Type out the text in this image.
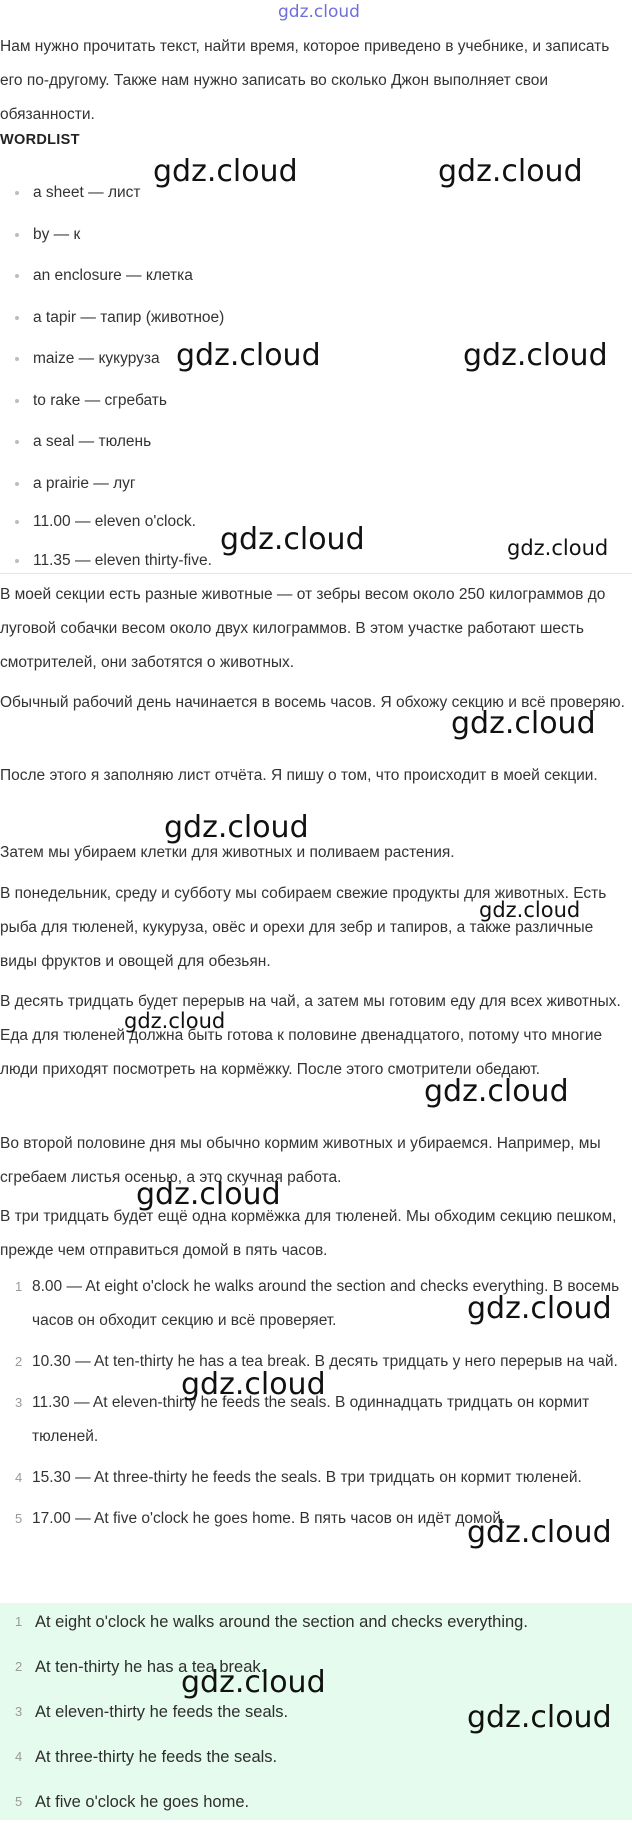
gdz.cloud
Нам нужно прочитать текст, найти время, которое приведено в учебнике, и записать его по-другому. Также нам нужно записать во сколько Джон выполняет свои обязанности.
WORDLIST
a sheet — лист
by — к
an enclosure — клетка
a tapir — тапир (животное)
maize — кукуруза
to rake — сгребать
a seal — тюлень
a prairie — луг
11.00 — eleven o'clock.
11.35 — eleven thirty-five.
В моей секции есть разные животные — от зебры весом около 250 килограммов до луговой собачки весом около двух килограммов. В этом участке работают шесть смотрителей, они заботятся о животных.
Обычный рабочий день начинается в восемь часов. Я обхожу секцию и всё проверяю.
После этого я заполняю лист отчёта. Я пишу о том, что происходит в моей секции.
Затем мы убираем клетки для животных и поливаем растения.
В понедельник, среду и субботу мы собираем свежие продукты для животных. Есть рыба для тюленей, кукуруза, овёс и орехи для зебр и тапиров, а также различные виды фруктов и овощей для обезьян.
В десять тридцать будет перерыв на чай, а затем мы готовим еду для всех животных. Еда для тюленей должна быть готова к половине двенадцатого, потому что многие люди приходят посмотреть на кормёжку. После этого смотрители обедают.
Во второй половине дня мы обычно кормим животных и убираемся. Например, мы сгребаем листья осенью, а это скучная работа.
В три тридцать будет ещё одна кормёжка для тюленей. Мы обходим секцию пешком, прежде чем отправиться домой в пять часов.
1 8.00 — At eight o'clock he walks around the section and checks everything. В восемь часов он обходит секцию и всё проверяет.
2 10.30 — At ten-thirty he has a tea break. В десять тридцать у него перерыв на чай.
3 11.30 — At eleven-thirty he feeds the seals. В одиннадцать тридцать он кормит тюленей.
4 15.30 — At three-thirty he feeds the seals. В три тридцать он кормит тюленей.
5 17.00 — At five o'clock he goes home. В пять часов он идёт домой.
1 At eight o'clock he walks around the section and checks everything.
2 At ten-thirty he has a tea break.
3 At eleven-thirty he feeds the seals.
4 At three-thirty he feeds the seals.
5 At five o'clock he goes home.
gdz.cloud	gdz.cloud
gdz.cloud	gdz.cloud
gdz.cloud	gdz.cloud
gdz.cloud
gdz.cloud
gdz.cloud
gdz.cloud
gdz.cloud
gdz.cloud
gdz.cloud
gdz.cloud
gdz.cloud
gdz.cloud
gdz.cloud
